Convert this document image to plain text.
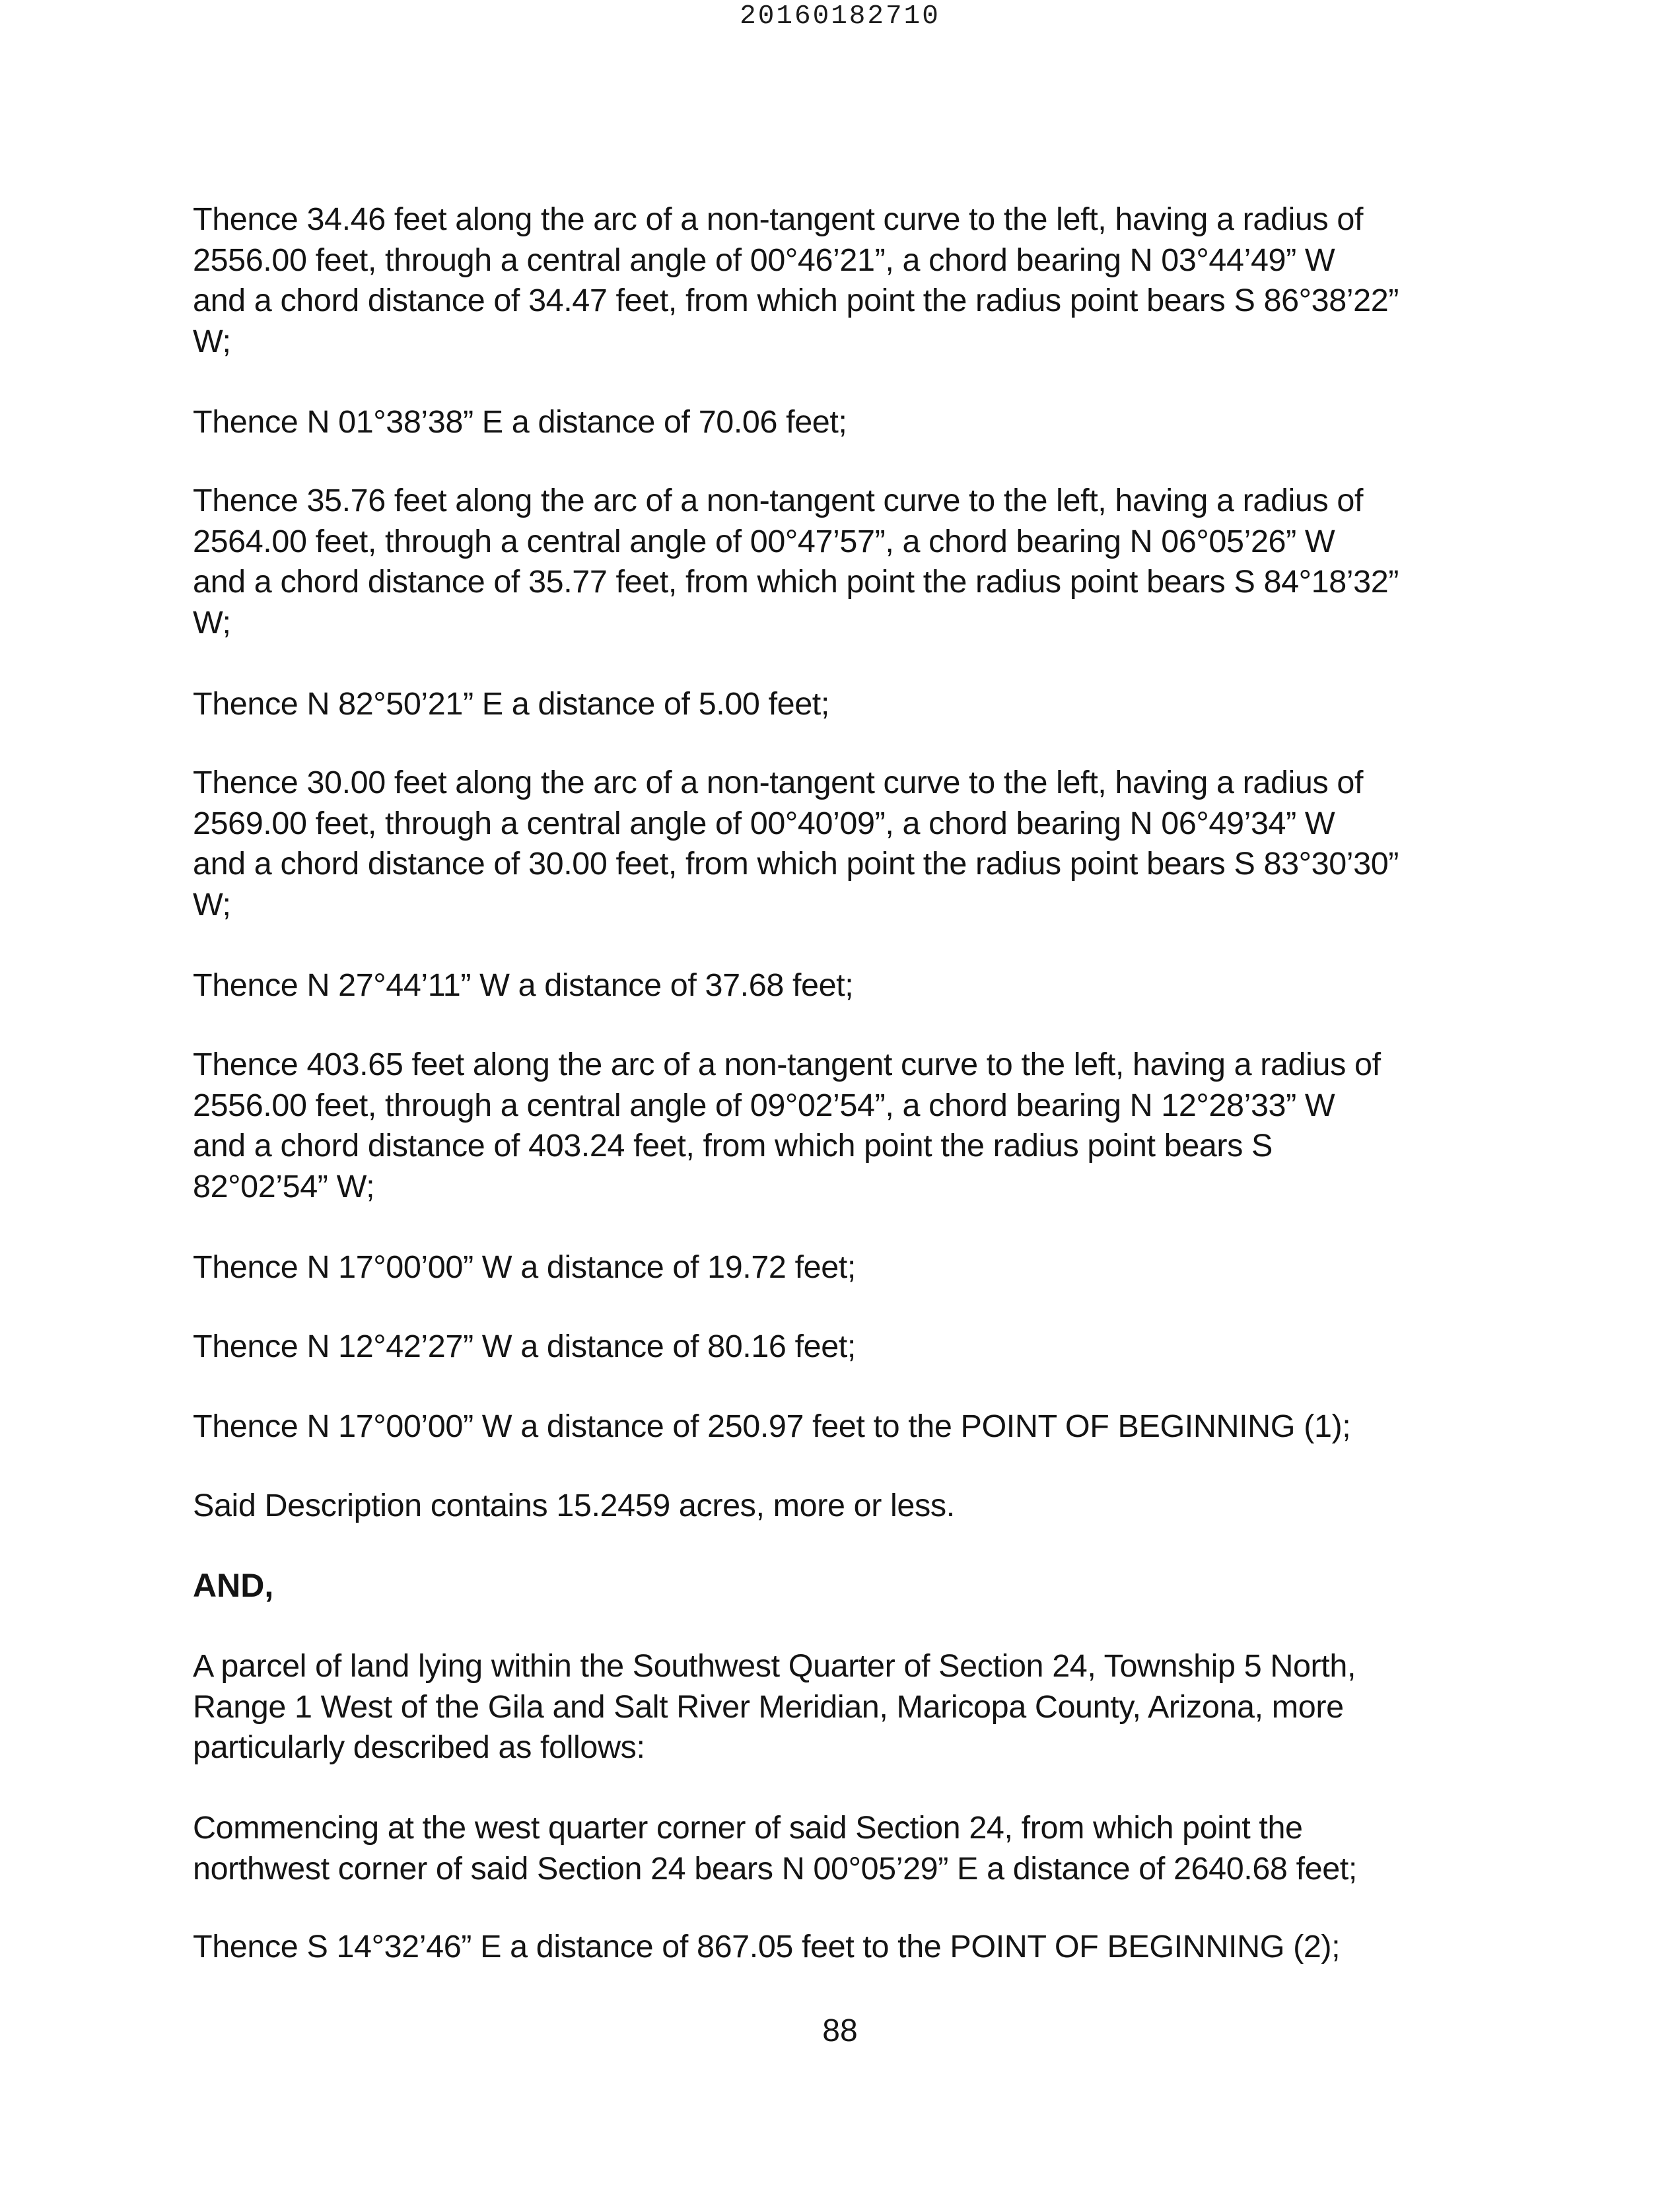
20160182710

Thence 34.46 feet along the arc of a non-tangent curve to the left, having a radius of
2556.00 feet, through a central angle of 00°46’21”, a chord bearing N 03°44’49” W
and a chord distance of 34.47 feet, from which point the radius point bears S 86°38’22”
W;

Thence N 01°38’38” E a distance of 70.06 feet;

Thence 35.76 feet along the arc of a non-tangent curve to the left, having a radius of
2564.00 feet, through a central angle of 00°47’57”, a chord bearing N 06°05’26” W
and a chord distance of 35.77 feet, from which point the radius point bears S 84°18’32”
W;

Thence N 82°50’21” E a distance of 5.00 feet;

Thence 30.00 feet along the arc of a non-tangent curve to the left, having a radius of
2569.00 feet, through a central angle of 00°40’09”, a chord bearing N 06°49’34” W
and a chord distance of 30.00 feet, from which point the radius point bears S 83°30’30”
W;

Thence N 27°44’11” W a distance of 37.68 feet;

Thence 403.65 feet along the arc of a non-tangent curve to the left, having a radius of
2556.00 feet, through a central angle of 09°02’54”, a chord bearing N 12°28’33” W
and a chord distance of 403.24 feet, from which point the radius point bears S
82°02’54” W;

Thence N 17°00’00” W a distance of 19.72 feet;

Thence N 12°42’27” W a distance of 80.16 feet;

Thence N 17°00’00” W a distance of 250.97 feet to the POINT OF BEGINNING (1);

Said Description contains 15.2459 acres, more or less.

AND,

A parcel of land lying within the Southwest Quarter of Section 24, Township 5 North,
Range 1 West of the Gila and Salt River Meridian, Maricopa County, Arizona, more
particularly described as follows:

Commencing at the west quarter corner of said Section 24, from which point the
northwest corner of said Section 24 bears N 00°05’29” E a distance of 2640.68 feet;

Thence S 14°32’46” E a distance of 867.05 feet to the POINT OF BEGINNING (2);

88
